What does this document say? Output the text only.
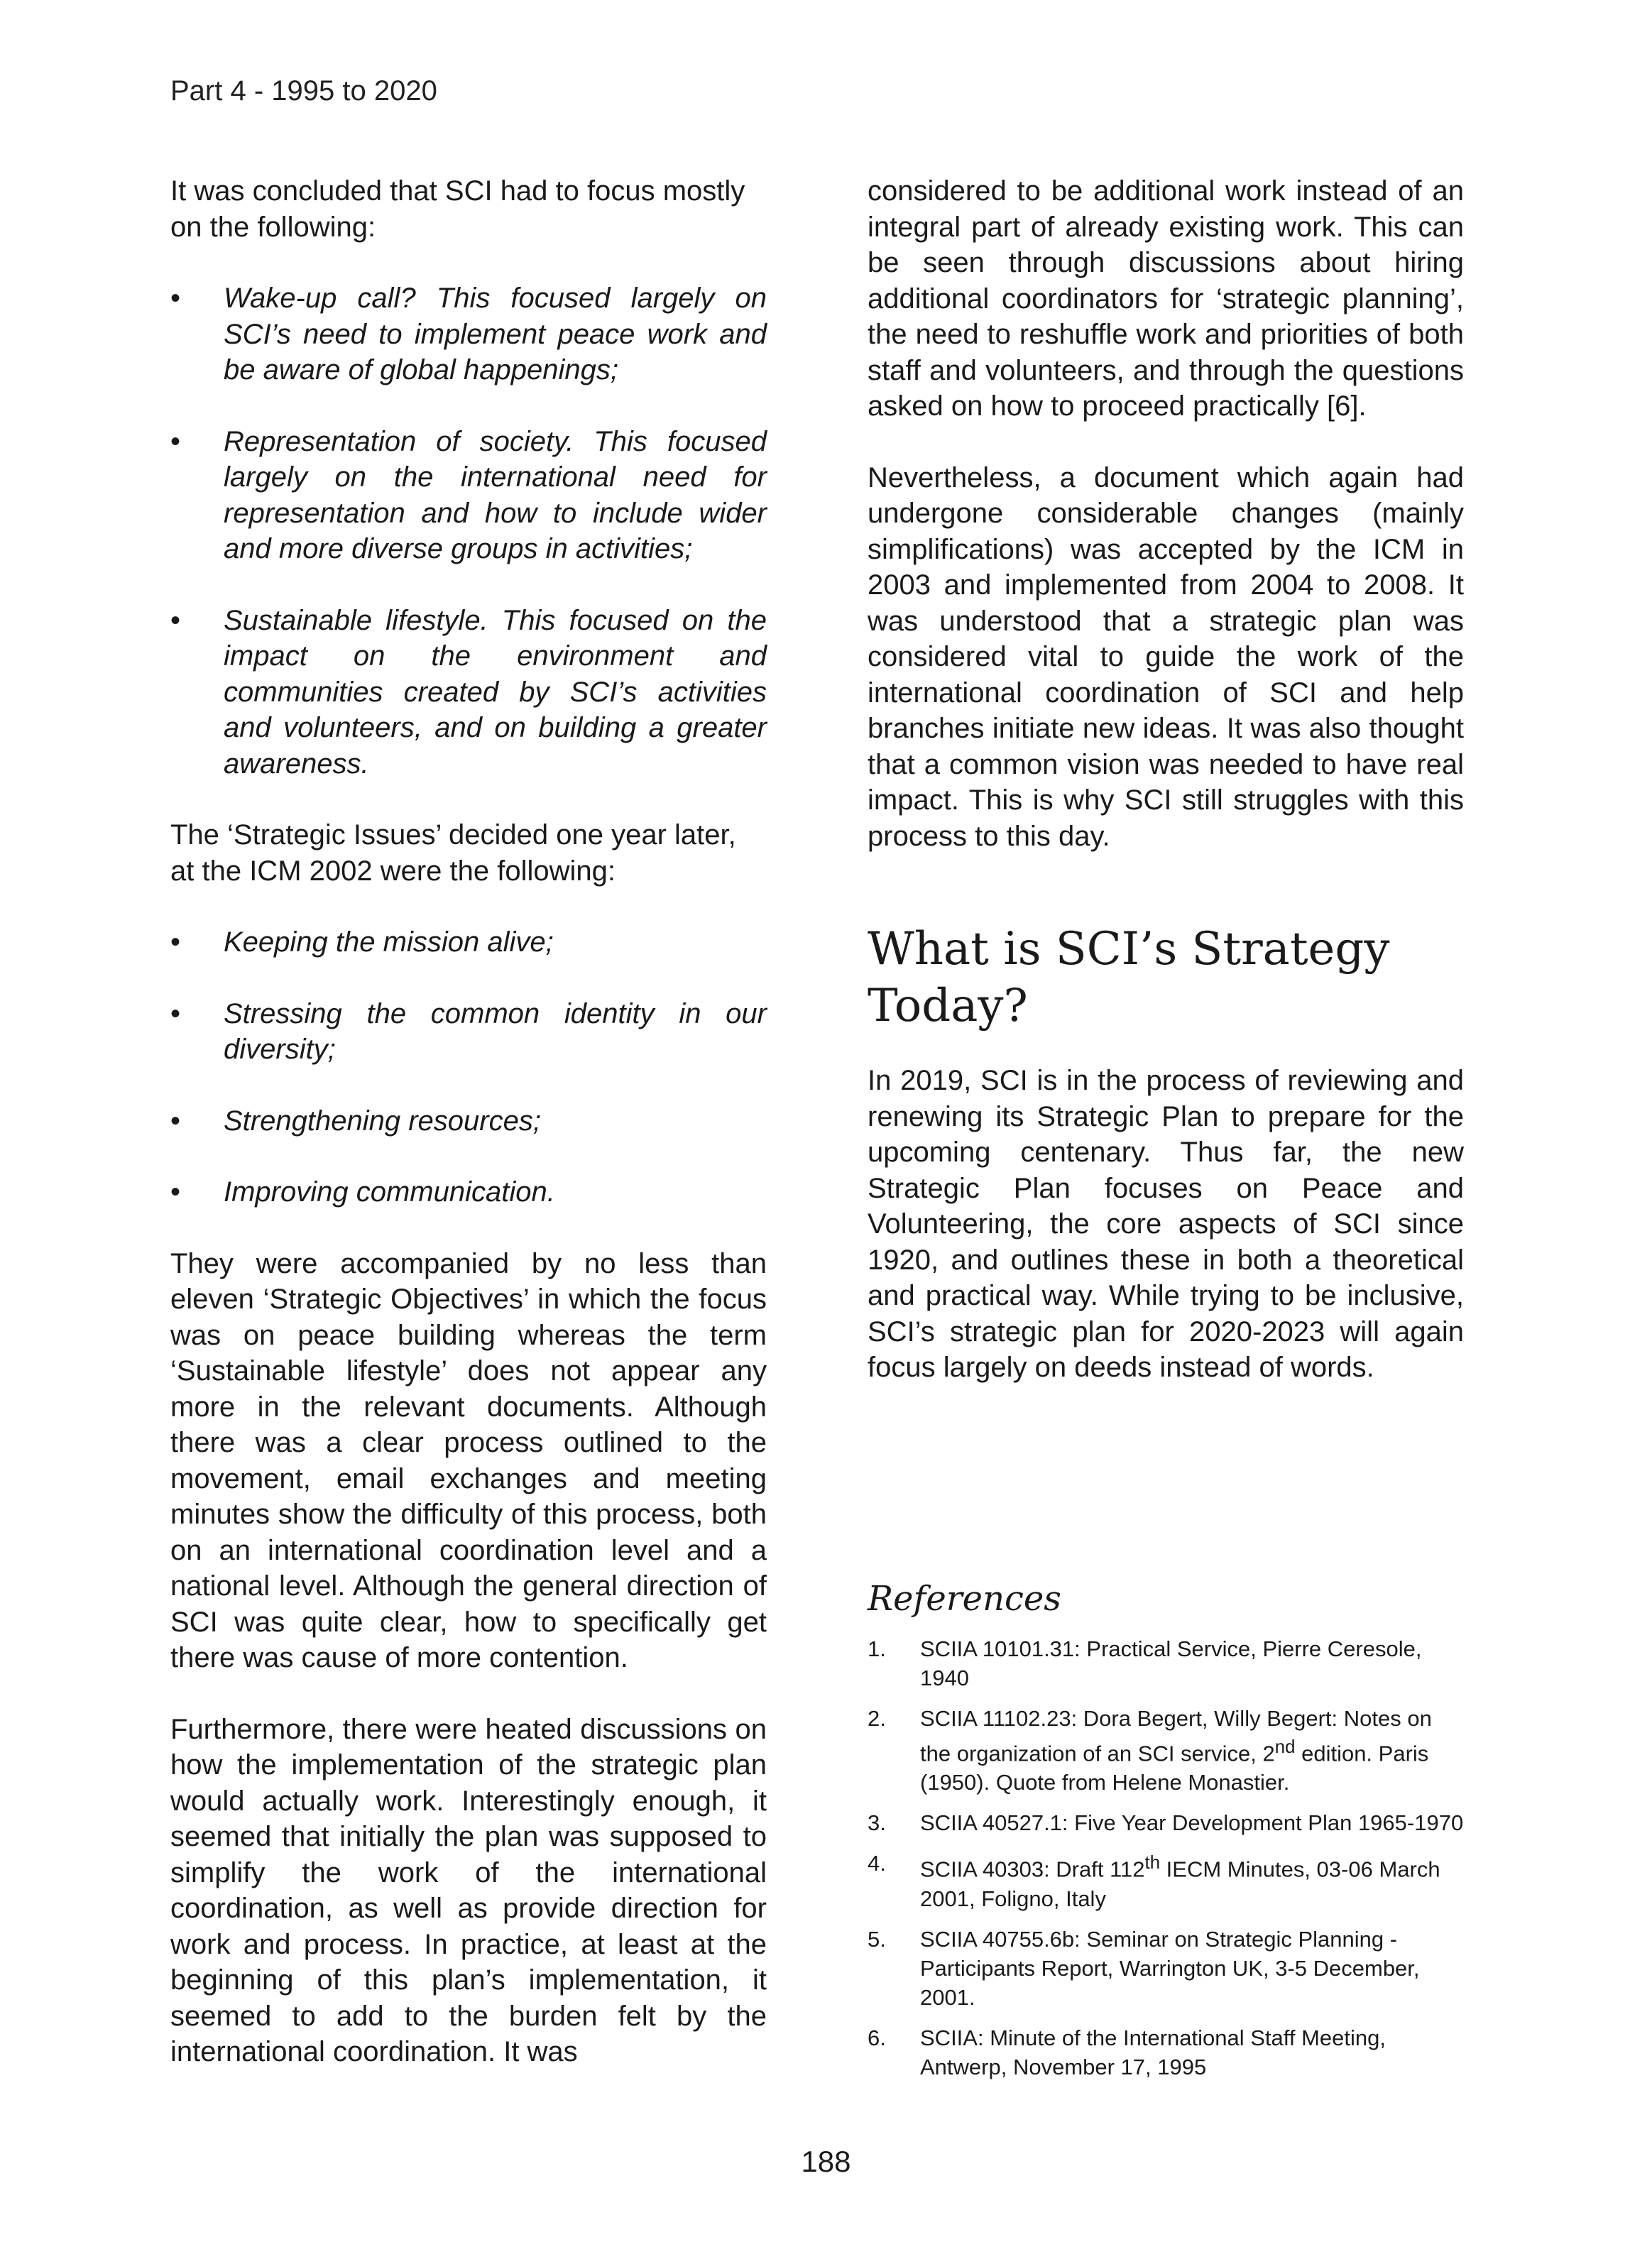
Part 4 - 1995 to 2020

It was concluded that SCI had to focus mostly on the following:

• Wake-up call? This focused largely on SCI’s need to implement peace work and be aware of global happenings;
• Representation of society. This focused largely on the international need for representation and how to include wider and more diverse groups in activities;
• Sustainable lifestyle. This focused on the impact on the environment and communities created by SCI’s activities and volunteers, and on building a greater awareness.

The ‘Strategic Issues’ decided one year later, at the ICM 2002 were the following:

• Keeping the mission alive;
• Stressing the common identity in our diversity;
• Strengthening resources;
• Improving communication.

They were accompanied by no less than eleven ‘Strategic Objectives’ in which the focus was on peace building whereas the term ‘Sustainable lifestyle’ does not appear any more in the relevant documents. Although there was a clear process outlined to the movement, email exchanges and meeting minutes show the difficulty of this process, both on an international coordination level and a national level. Although the general direction of SCI was quite clear, how to specifically get there was cause of more contention.

Furthermore, there were heated discussions on how the implementation of the strategic plan would actually work. Interestingly enough, it seemed that initially the plan was supposed to simplify the work of the international coordination, as well as provide direction for work and process. In practice, at least at the beginning of this plan’s implementation, it seemed to add to the burden felt by the international coordination. It was

considered to be additional work instead of an integral part of already existing work. This can be seen through discussions about hiring additional coordinators for ‘strategic planning’, the need to reshuffle work and priorities of both staff and volunteers, and through the questions asked on how to proceed practically [6].

Nevertheless, a document which again had undergone considerable changes (mainly simplifications) was accepted by the ICM in 2003 and implemented from 2004 to 2008. It was understood that a strategic plan was considered vital to guide the work of the international coordination of SCI and help branches initiate new ideas. It was also thought that a common vision was needed to have real impact. This is why SCI still struggles with this process to this day.

What is SCI’s Strategy Today?

In 2019, SCI is in the process of reviewing and renewing its Strategic Plan to prepare for the upcoming centenary. Thus far, the new Strategic Plan focuses on Peace and Volunteering, the core aspects of SCI since 1920, and outlines these in both a theoretical and practical way. While trying to be inclusive, SCI’s strategic plan for 2020-2023 will again focus largely on deeds instead of words.

References
1. SCIIA 10101.31: Practical Service, Pierre Ceresole, 1940
2. SCIIA 11102.23: Dora Begert, Willy Begert: Notes on the organization of an SCI service, 2nd edition. Paris (1950). Quote from Helene Monastier.
3. SCIIA 40527.1: Five Year Development Plan 1965-1970
4. SCIIA 40303: Draft 112th IECM Minutes, 03-06 March 2001, Foligno, Italy
5. SCIIA 40755.6b: Seminar on Strategic Planning - Participants Report, Warrington UK, 3-5 December, 2001.
6. SCIIA: Minute of the International Staff Meeting, Antwerp, November 17, 1995
188
